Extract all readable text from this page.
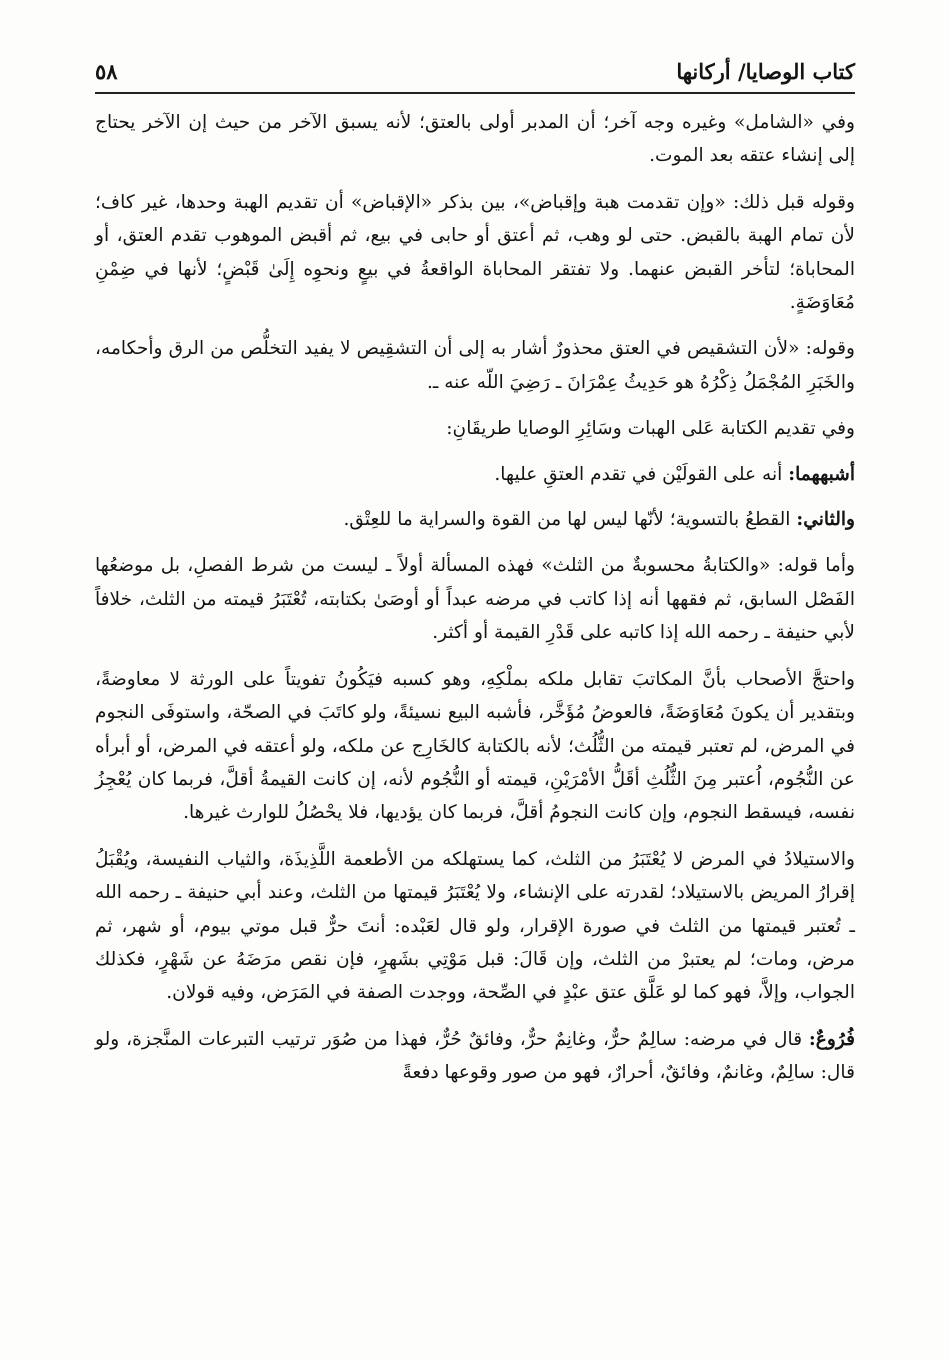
كتاب الوصايا/ أركانها
٥٨

وفي «الشامل» وغيره وجه آخر؛ أن المدبر أولى بالعتق؛ لأنه يسبق الآخر من حيث إن الآخر يحتاج إلى إنشاء عتقه بعد الموت.

وقوله قبل ذلك: «وإن تقدمت هبة وإقباض»، بين بذكر «الإقباض» أن تقديم الهبة وحدها، غير كاف؛ لأن تمام الهبة بالقبض. حتى لو وهب، ثم أعتق أو حابى في بيع، ثم أقبض الموهوب تقدم العتق، أو المحاباة؛ لتأخر القبض عنهما. ولا تفتقر المحاباة الواقعةُ في بيعٍ ونحوِه إِلَىٰ قَبْضٍ؛ لأنها في ضِمْنِ مُعَاوَضَةٍ.

وقوله: «لأن التشقيص في العتق محذورٌ أشار به إلى أن التشقِيص لا يفيد التخلُّص من الرق وأحكامه، والخَبَرِ المُجْمَلُ ذِكْرُهُ هو حَدِيثُ عِمْرَانَ ـ رَضِيَ اللّه عنه ـ.

وفي تقديم الكتابة عَلى الهبات وسَائِرِ الوصايا طريقَانِ:

أشبههما: أنه على القولَيْن في تقدم العتقِ عليها.

والثاني: القطعُ بالتسوية؛ لأنّها ليس لها من القوة والسراية ما للعِتْق.

وأما قوله: «والكتابةُ محسوبةٌ من الثلث» فهذه المسألة أولاً ـ ليست من شرط الفصلِ، بل موضعُها الفَصْل السابق، ثم فقهها أنه إذا كاتب في مرضه عبداً أو أوصَىٰ بكتابته، تُعْتَبَرُ قيمته من الثلث، خلافاً لأبي حنيفة ـ رحمه الله إذا كاتبه على قَدْرِ القيمة أو أكثر.

واحتجَّ الأصحاب بأنَّ المكاتبَ تقابل ملكه بملْكِهِ، وهو كسبه فيَكُونُ تفويتاً على الورثة لا معاوضةً، وبتقدير أن يكونَ مُعَاوَضَةً، فالعوضُ مُؤَخَّر، فأشبه البيع نسيئةً، ولو كاتَبَ في الصحّة، واستوفَى النجوم في المرض، لم تعتبر قيمته من الثُّلُث؛ لأنه بالكتابة كالخَارِج عن ملكه، ولو أعتقه في المرض، أو أبرأه عن النُّجُوم، اُعتبر مِنَ الثُّلُثِ أقَلُّ الأمْرَيْنِ، قيمته أو النُّجُوم لأنه، إن كانت القيمةُ أقلَّ، فربما كان يُعْجِزُ نفسه، فيسقط النجوم، وإن كانت النجومُ أقلَّ، فربما كان يؤديها، فلا يحْصُلُ للوارث غيرها.

والاستيلادُ في المرض لا يُعْتَبَرُ من الثلث، كما يستهلكه من الأطعمة اللَّذِيذَة، والثياب النفيسة، ويُقْبَلُ إقرارُ المريض بالاستيلاد؛ لقدرته على الإنشاء، ولا يُعْتَبَرُ قيمتها من الثلث، وعند أبي حنيفة ـ رحمه الله ـ تُعتبر قيمتها من الثلث في صورة الإقرار، ولو قال لعَبْده: أنتَ حرٌّ قبل موتي بيوم، أو شهر، ثم مرض، ومات؛ لم يعتبرْ من الثلث، وإن قَالَ: قبل مَوْتِي بشَهرٍ، فإن نقص مرَضَهُ عن شَهْرٍ، فكذلك الجواب، وإلاَّ، فهو كما لو عَلَّق عتق عبْدٍ في الصِّحة، ووجدت الصفة في المَرَض، وفيه قولان.

فُرُوعٌ: قال في مرضه: سالِمٌ حرٌّ، وغانِمٌ حرٌّ، وفائقٌ حُرٌّ، فهذا من صُوَر ترتيب التبرعات المنَّجزة، ولو قال: سالِمٌ، وغانمٌ، وفائقٌ، أحرارٌ، فهو من صور وقوعها دفعةً
